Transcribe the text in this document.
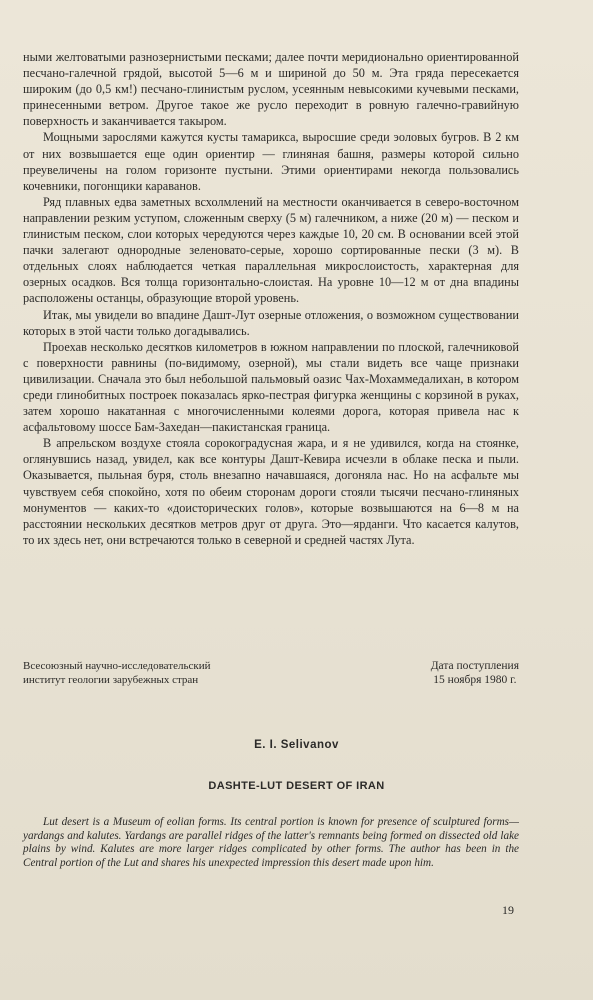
ными желтоватыми разнозернистыми песками; далее почти меридионально ориентированной песчано-галечной грядой, высотой 5—6 м и шириной до 50 м. Эта гряда пересекается широким (до 0,5 км!) песчано-глинистым руслом, усеянным невысокими кучевыми песками, принесенными ветром. Другое такое же русло переходит в ровную галечно-гравийную поверхность и заканчивается такыром.

Мощными зарослями кажутся кусты тамарикса, выросшие среди эоловых бугров. В 2 км от них возвышается еще один ориентир — глиняная башня, размеры которой сильно преувеличены на голом горизонте пустыни. Этими ориентирами некогда пользовались кочевники, погонщики караванов.

Ряд плавных едва заметных всхолмлений на местности оканчивается в северо-восточном направлении резким уступом, сложенным сверху (5 м) галечником, а ниже (20 м) — песком и глинистым песком, слои которых чередуются через каждые 10, 20 см. В основании всей этой пачки залегают однородные зеленовато-серые, хорошо сортированные пески (3 м). В отдельных слоях наблюдается четкая параллельная микрослоистость, характерная для озерных осадков. Вся толща горизонтально-слоистая. На уровне 10—12 м от дна впадины расположены останцы, образующие второй уровень.

Итак, мы увидели во впадине Дашт-Лут озерные отложения, о возможном существовании которых в этой части только догадывались.

Проехав несколько десятков километров в южном направлении по плоской, галечниковой с поверхности равнины (по-видимому, озерной), мы стали видеть все чаще признаки цивилизации. Сначала это был небольшой пальмовый оазис Чах-Мохаммедалихан, в котором среди глинобитных построек показалась ярко-пестрая фигурка женщины с корзиной в руках, затем хорошо накатанная с многочисленными колеями дорога, которая привела нас к асфальтовому шоссе Бам-Захедан—пакистанская граница.

В апрельском воздухе стояла сорокоградусная жара, и я не удивился, когда на стоянке, оглянувшись назад, увидел, как все контуры Дашт-Кевира исчезли в облаке песка и пыли. Оказывается, пыльная буря, столь внезапно начавшаяся, догоняла нас. Но на асфальте мы чувствуем себя спокойно, хотя по обеим сторонам дороги стояли тысячи песчано-глиняных монументов — каких-то «доисторических голов», которые возвышаются на 6—8 м на расстоянии нескольких десятков метров друг от друга. Это—ярданги. Что касается калутов, то их здесь нет, они встречаются только в северной и средней частях Лута.

Всесоюзный научно-исследовательский
институт геологии зарубежных стран
Дата поступления
15 ноября 1980 г.
E. I. Selivanov
DASHTE-LUT DESERT OF IRAN

Lut desert is a Museum of eolian forms. Its central portion is known for presence of sculptured forms—yardangs and kalutes. Yardangs are parallel ridges of the latter's remnants being formed on dissected old lake plains by wind. Kalutes are more larger ridges complicated by other forms. The author has been in the Central portion of the Lut and shares his unexpected impression this desert made upon him.

19
